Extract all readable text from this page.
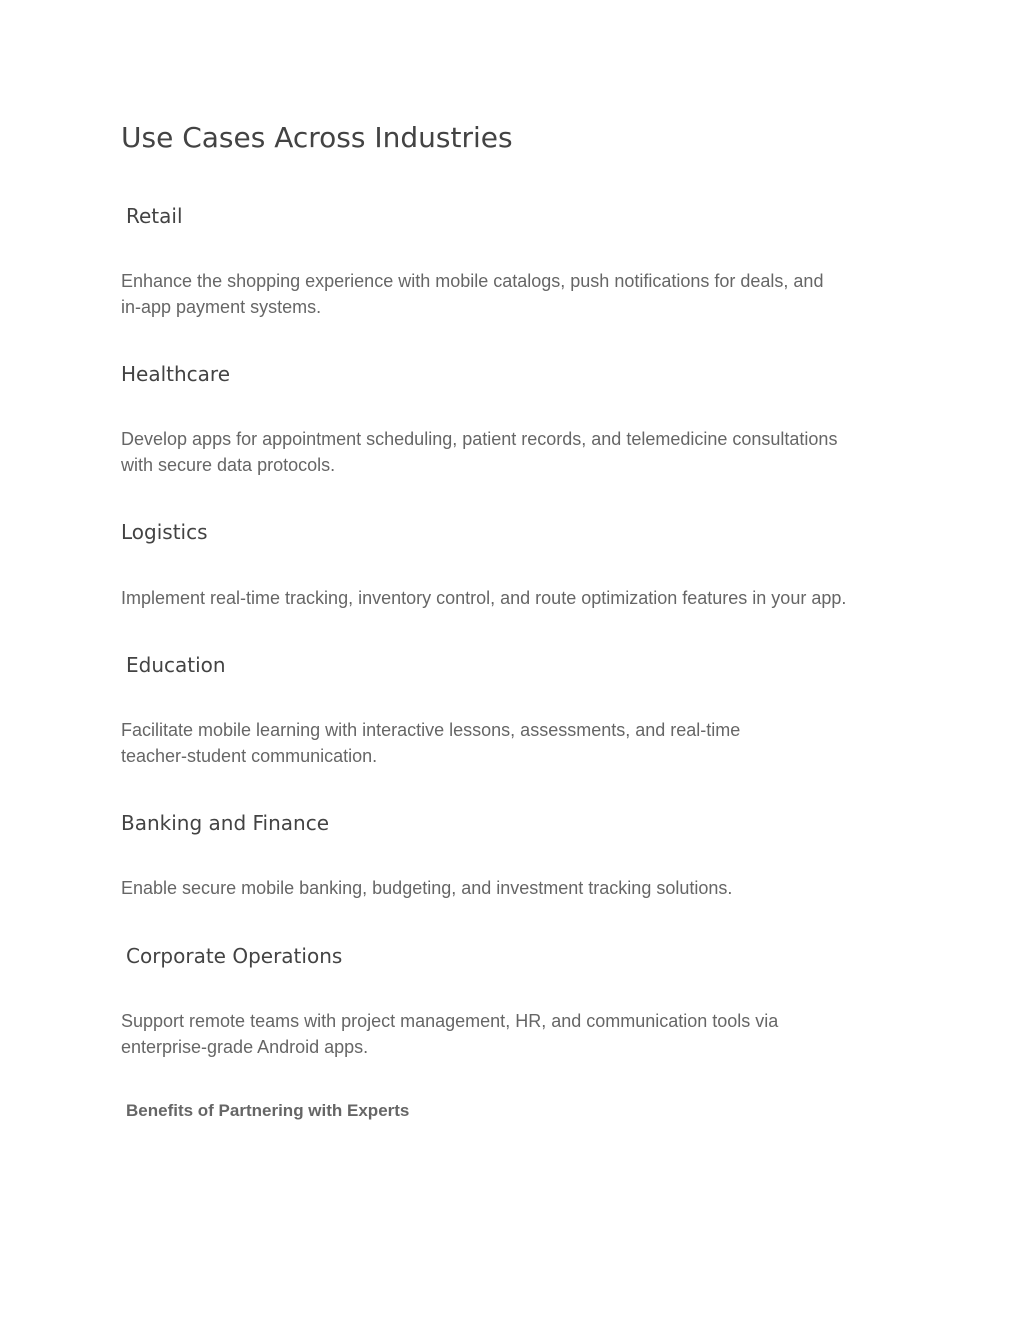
Use Cases Across Industries
Retail

Enhance the shopping experience with mobile catalogs, push notifications for deals, and
in-app payment systems.

Healthcare

Develop apps for appointment scheduling, patient records, and telemedicine consultations
with secure data protocols.

Logistics

Implement real-time tracking, inventory control, and route optimization features in your app.

Education

Facilitate mobile learning with interactive lessons, assessments, and real-time
teacher-student communication.

Banking and Finance

Enable secure mobile banking, budgeting, and investment tracking solutions.

Corporate Operations

Support remote teams with project management, HR, and communication tools via
enterprise-grade Android apps.

Benefits of Partnering with Experts
